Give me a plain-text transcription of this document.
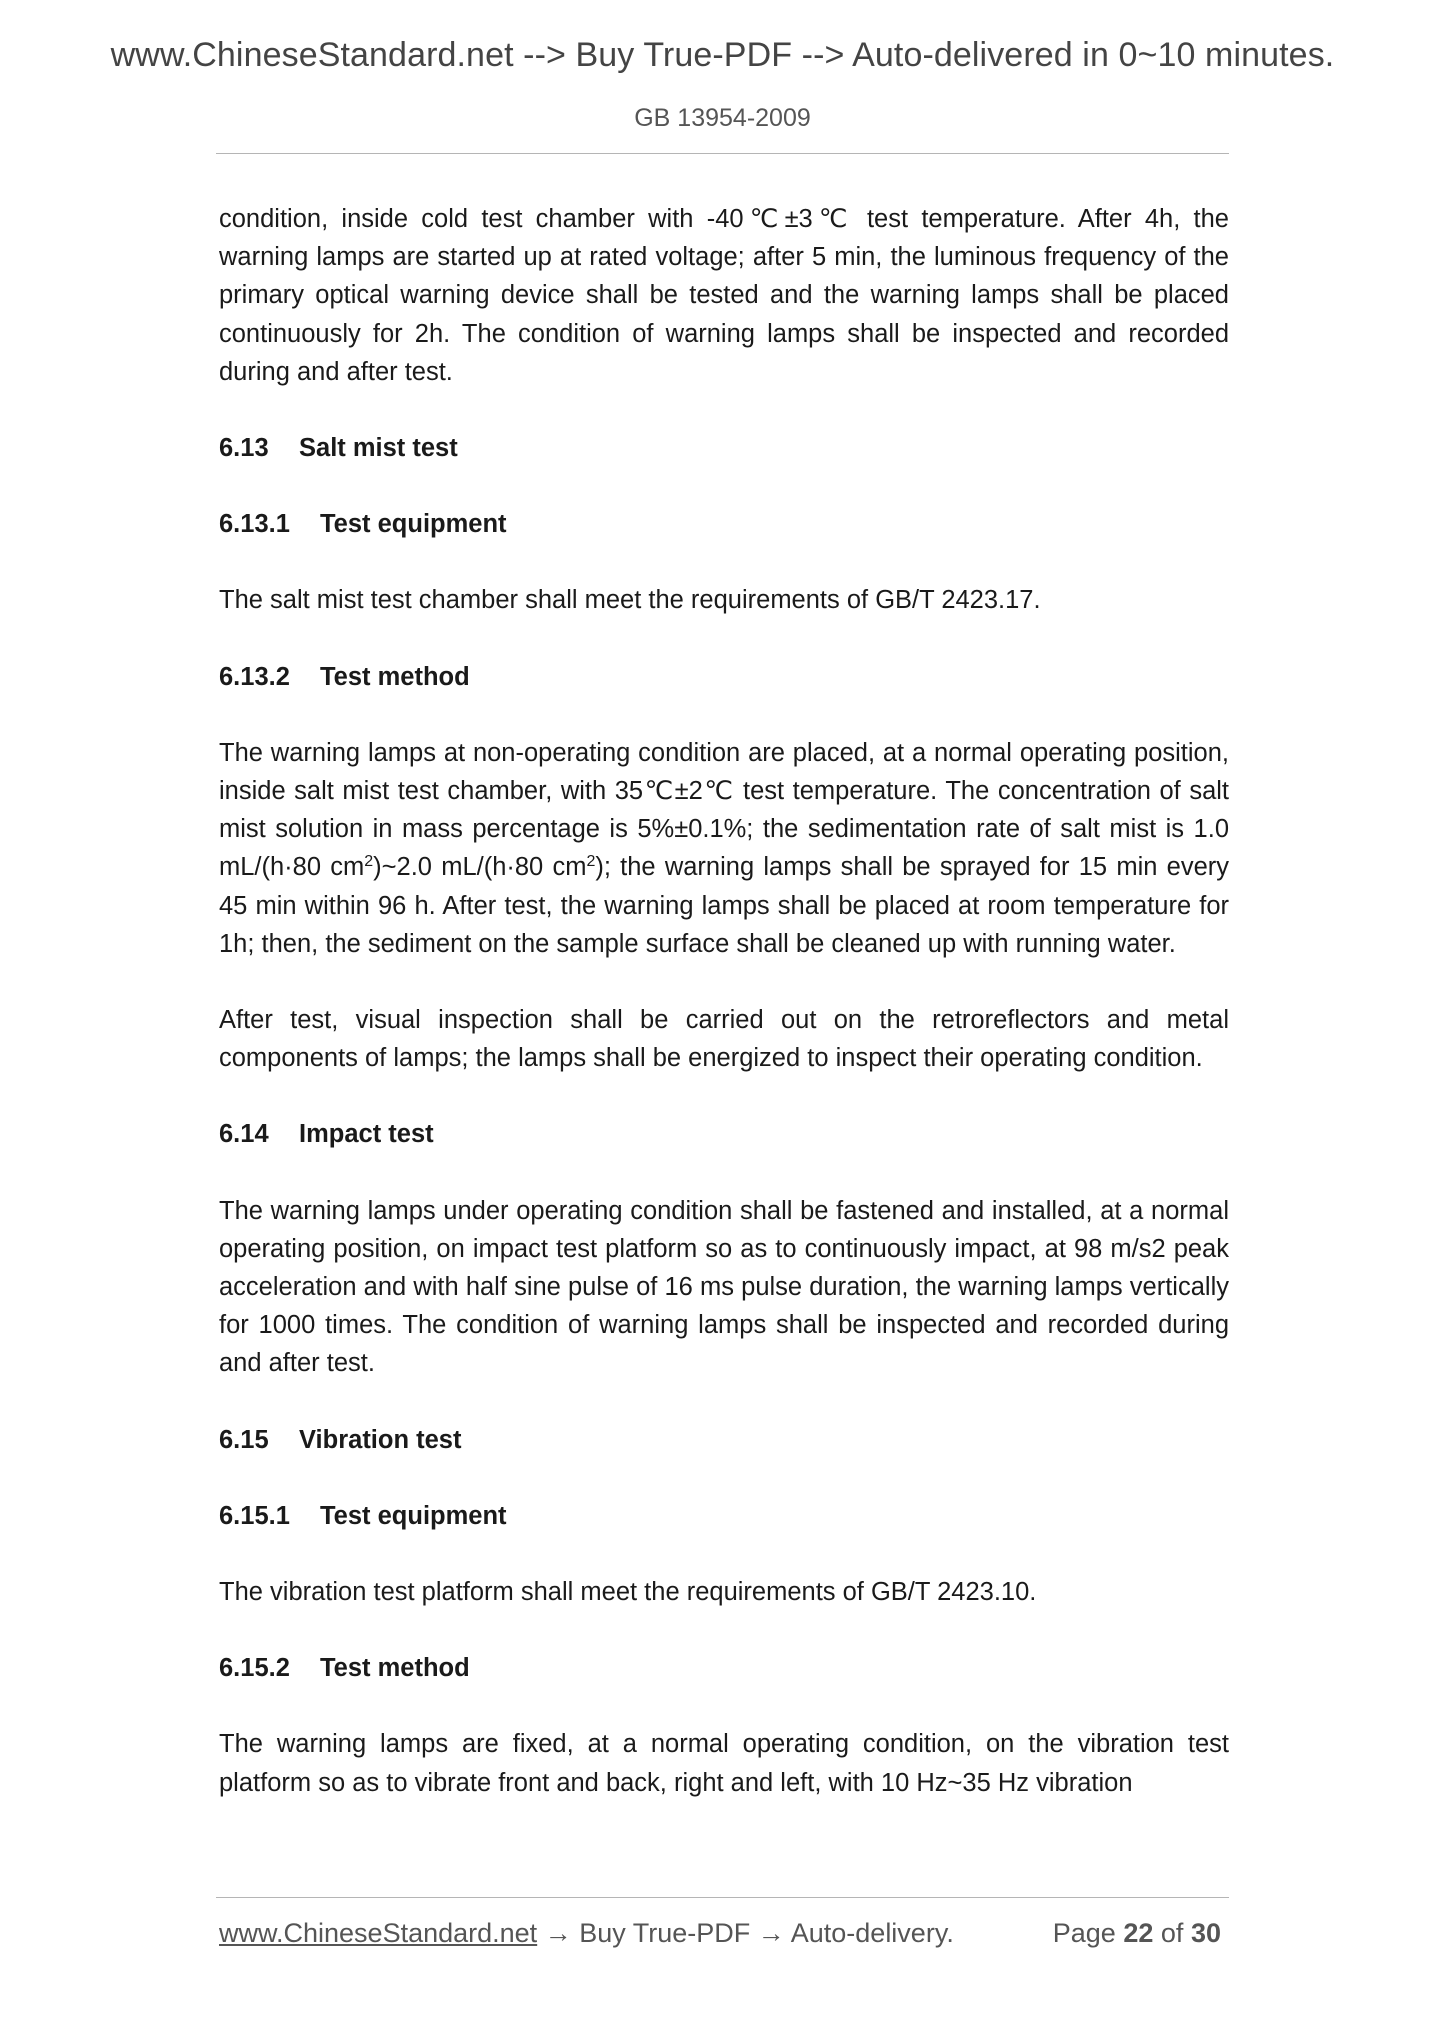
www.ChineseStandard.net --> Buy True-PDF --> Auto-delivered in 0~10 minutes.
GB 13954-2009

condition, inside cold test chamber with -40℃±3℃ test temperature. After 4h, the warning lamps are started up at rated voltage; after 5 min, the luminous frequency of the primary optical warning device shall be tested and the warning lamps shall be placed continuously for 2h. The condition of warning lamps shall be inspected and recorded during and after test.

6.13 Salt mist test
6.13.1 Test equipment

The salt mist test chamber shall meet the requirements of GB/T 2423.17.

6.13.2 Test method

The warning lamps at non-operating condition are placed, at a normal operating position, inside salt mist test chamber, with 35℃±2℃ test temperature. The concentration of salt mist solution in mass percentage is 5%±0.1%; the sedimentation rate of salt mist is 1.0 mL/(h·80 $cm^2)\sim 2.0$ mL/(h·80 $cm^2$); the warning lamps shall be sprayed for 15 min every 45 min within 96 h. After test, the warning lamps shall be placed at room temperature for 1h; then, the sediment on the sample surface shall be cleaned up with running water.

After test, visual inspection shall be carried out on the retroreflectors and metal components of lamps; the lamps shall be energized to inspect their operating condition.

6.14 Impact test

The warning lamps under operating condition shall be fastened and installed, at a normal operating position, on impact test platform so as to continuously impact, at 98 m/s2 peak acceleration and with half sine pulse of 16 ms pulse duration, the warning lamps vertically for 1000 times. The condition of warning lamps shall be inspected and recorded during and after test.

6.15 Vibration test
6.15.1 Test equipment

The vibration test platform shall meet the requirements of GB/T 2423.10.

6.15.2 Test method

The warning lamps are fixed, at a normal operating condition, on the vibration test platform so as to vibrate front and back, right and left, with 10 Hz~35 Hz vibration

www.ChineseStandard.net → Buy True-PDF → Auto-delivery.	Page 22 of 30
